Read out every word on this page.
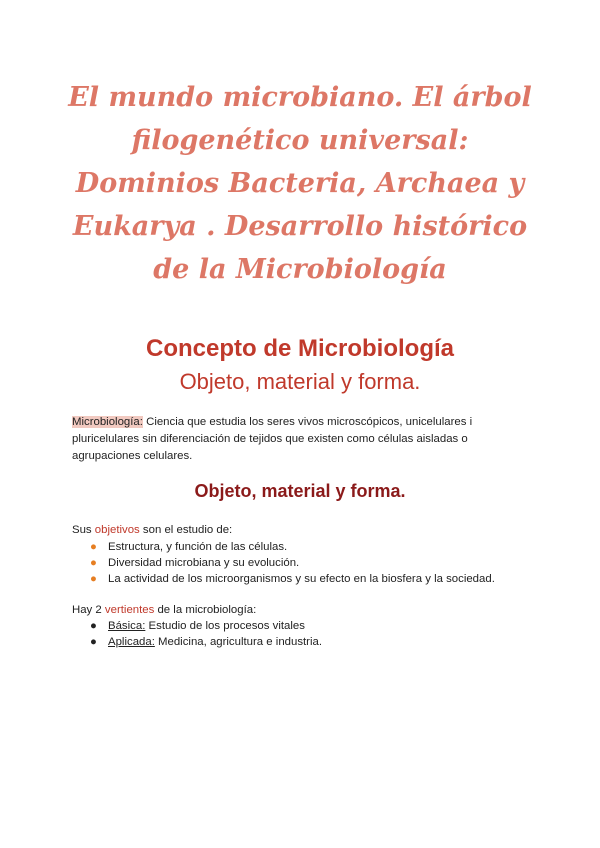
El mundo microbiano. El árbol filogenético universal: Dominios Bacteria, Archaea y Eukarya . Desarrollo histórico de la Microbiología
Concepto de Microbiología
Objeto, material y forma.

Microbiología: Ciencia que estudia los seres vivos microscópicos, unicelulares i pluricelulares sin diferenciación de tejidos que existen como células aisladas o agrupaciones celulares.

Objeto, material y forma.

Sus objetivos son el estudio de:

● Estructura, y función de las células.
● Diversidad microbiana y su evolución.
● La actividad de los microorganismos y su efecto en la biosfera y la sociedad.

Hay 2 vertientes de la microbiología:

● Básica: Estudio de los procesos vitales
● Aplicada: Medicina, agricultura e industria.
